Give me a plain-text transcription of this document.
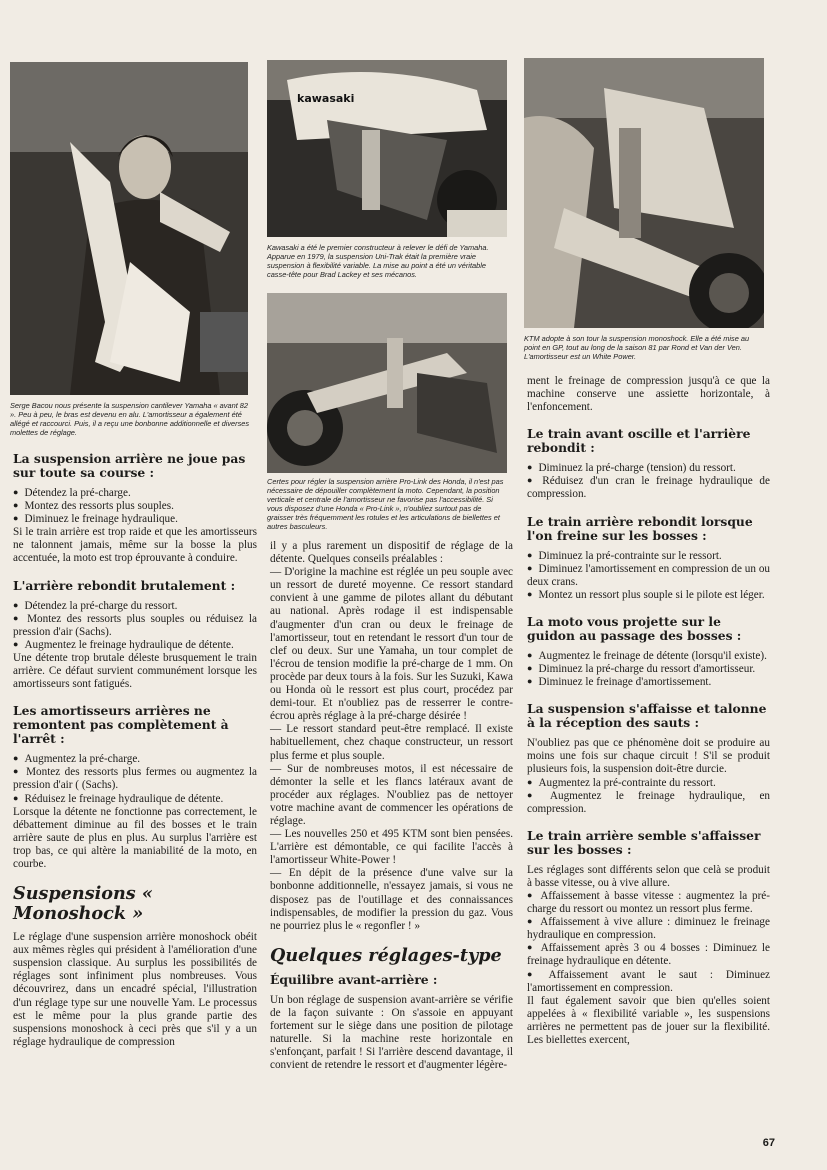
Serge Bacou nous présente la suspension cantilever Yamaha « avant 82 ». Peu à peu, le bras est devenu en alu. L'amortisseur a également été allégé et raccourci. Puis, il a reçu une bonbonne additionnelle et diverses molettes de réglage.
kawasaki
Kawasaki a été le premier constructeur à relever le défi de Yamaha. Apparue en 1979, la suspension Uni-Trak était la première vraie suspension à flexibilité variable. La mise au point a été un véritable casse-tête pour Brad Lackey et ses mécanos.
KTM adopte à son tour la suspension monoshock. Elle a été mise au point en GP, tout au long de la saison 81 par Rond et Van der Ven. L'amortisseur est un White Power.
Certes pour régler la suspension arrière Pro-Link des Honda, il n'est pas nécessaire de dépouiller complètement la moto. Cependant, la position verticale et centrale de l'amortisseur ne favorise pas l'accessibilité. Si vous disposez d'une Honda « Pro-Link », n'oubliez surtout pas de graisser très fréquemment les rotules et les articulations de biellettes et autres basculeurs.
La suspension arrière ne joue pas sur toute sa course :

● Détendez la pré-charge.

● Montez des ressorts plus souples.

● Diminuez le freinage hydraulique.

Si le train arrière est trop raide et que les amortisseurs ne talonnent jamais, même sur la bosse la plus accentuée, la moto est trop éprouvante à conduire.

L'arrière rebondit brutalement :

● Détendez la pré-charge du ressort.

● Montez des ressorts plus souples ou réduisez la pression d'air (Sachs).

● Augmentez le freinage hydraulique de détente.

Une détente trop brutale déleste brusquement le train arrière. Ce défaut survient communément lorsque les amortisseurs sont fatigués.

Les amortisseurs arrières ne remontent pas complètement à l'arrêt :

● Augmentez la pré-charge.

● Montez des ressorts plus fermes ou augmentez la pression d'air ( (Sachs).

● Réduisez le freinage hydraulique de détente.

Lorsque la détente ne fonctionne pas correctement, le débattement diminue au fil des bosses et le train arrière saute de plus en plus. Au surplus l'arrière est trop bas, ce qui altère la maniabilité de la moto, en courbe.

Suspensions « Monoshock »

Le réglage d'une suspension arrière monoshock obéit aux mêmes règles qui président à l'amélioration d'une suspension classique. Au surplus les possibilités de réglages sont infiniment plus nombreuses. Vous découvrirez, dans un encadré spécial, l'illustration d'un réglage type sur une nouvelle Yam. Le processus est le même pour la plus grande partie des suspensions monoshock à ceci près que s'il y a un réglage hydraulique de compression

il y a plus rarement un dispositif de réglage de la détente. Quelques conseils préalables :

— D'origine la machine est réglée un peu souple avec un ressort de dureté moyenne. Ce ressort standard convient à une gamme de pilotes allant du débutant au national. Après rodage il est indispensable d'augmenter d'un cran ou deux le freinage de l'amortisseur, tout en retendant le ressort d'un tour de clef ou deux. Sur une Yamaha, un tour complet de l'écrou de tension modifie la pré-charge de 1 mm. On procède par deux tours à la fois. Sur les Suzuki, Kawa ou Honda où le ressort est plus court, procédez par demi-tour. Et n'oubliez pas de resserrer le contre-écrou après réglage à la pré-charge désirée !

— Le ressort standard peut-être remplacé. Il existe habituellement, chez chaque constructeur, un ressort plus ferme et plus souple.

— Sur de nombreuses motos, il est nécessaire de démonter la selle et les flancs latéraux avant de procéder aux réglages. N'oubliez pas de nettoyer votre machine avant de commencer les opérations de réglage.

— Les nouvelles 250 et 495 KTM sont bien pensées. L'arrière est démontable, ce qui facilite l'accès à l'amortisseur White-Power !

— En dépit de la présence d'une valve sur la bonbonne additionnelle, n'essayez jamais, si vous ne disposez pas de l'outillage et des connaissances indispensables, de modifier la pression du gaz. Vous ne pourriez plus le « regonfler ! »

Quelques réglages-type
Équilibre avant-arrière :

Un bon réglage de suspension avant-arrière se vérifie de la façon suivante : On s'assoie en appuyant fortement sur le siège dans une position de pilotage naturelle. Si la machine reste horizontale en s'enfonçant, parfait ! Si l'arrière descend davantage, il convient de retendre le ressort et d'augmenter légère-

ment le freinage de compression jusqu'à ce que la machine conserve une assiette horizontale, à l'enfoncement.

Le train avant oscille et l'arrière rebondit :

● Diminuez la pré-charge (tension) du ressort.

● Réduisez d'un cran le freinage hydraulique de compression.

Le train arrière rebondit lorsque l'on freine sur les bosses :

● Diminuez la pré-contrainte sur le ressort.

● Diminuez l'amortissement en compression de un ou deux crans.

● Montez un ressort plus souple si le pilote est léger.

La moto vous projette sur le guidon au passage des bosses :

● Augmentez le freinage de détente (lorsqu'il existe).

● Diminuez la pré-charge du ressort d'amortisseur.

● Diminuez le freinage d'amortissement.

La suspension s'affaisse et talonne à la réception des sauts :

N'oubliez pas que ce phénomène doit se produire au moins une fois sur chaque circuit ! S'il se produit plusieurs fois, la suspension doit-être durcie.

● Augmentez la pré-contrainte du ressort.

● Augmentez le freinage hydraulique, en compression.

Le train arrière semble s'affaisser sur les bosses :

Les réglages sont différents selon que celà se produit à basse vitesse, ou à vive allure.

● Affaissement à basse vitesse : augmentez la pré-charge du ressort ou montez un ressort plus ferme.

● Affaissement à vive allure : diminuez le freinage hydraulique en compression.

● Affaissement après 3 ou 4 bosses : Diminuez le freinage hydraulique en détente.

● Affaissement avant le saut : Diminuez l'amortissement en compression.

Il faut également savoir que bien qu'elles soient appelées à « flexibilité variable », les suspensions arrières ne permettent pas de jouer sur la flexibilité. Les biellettes exercent,

67
